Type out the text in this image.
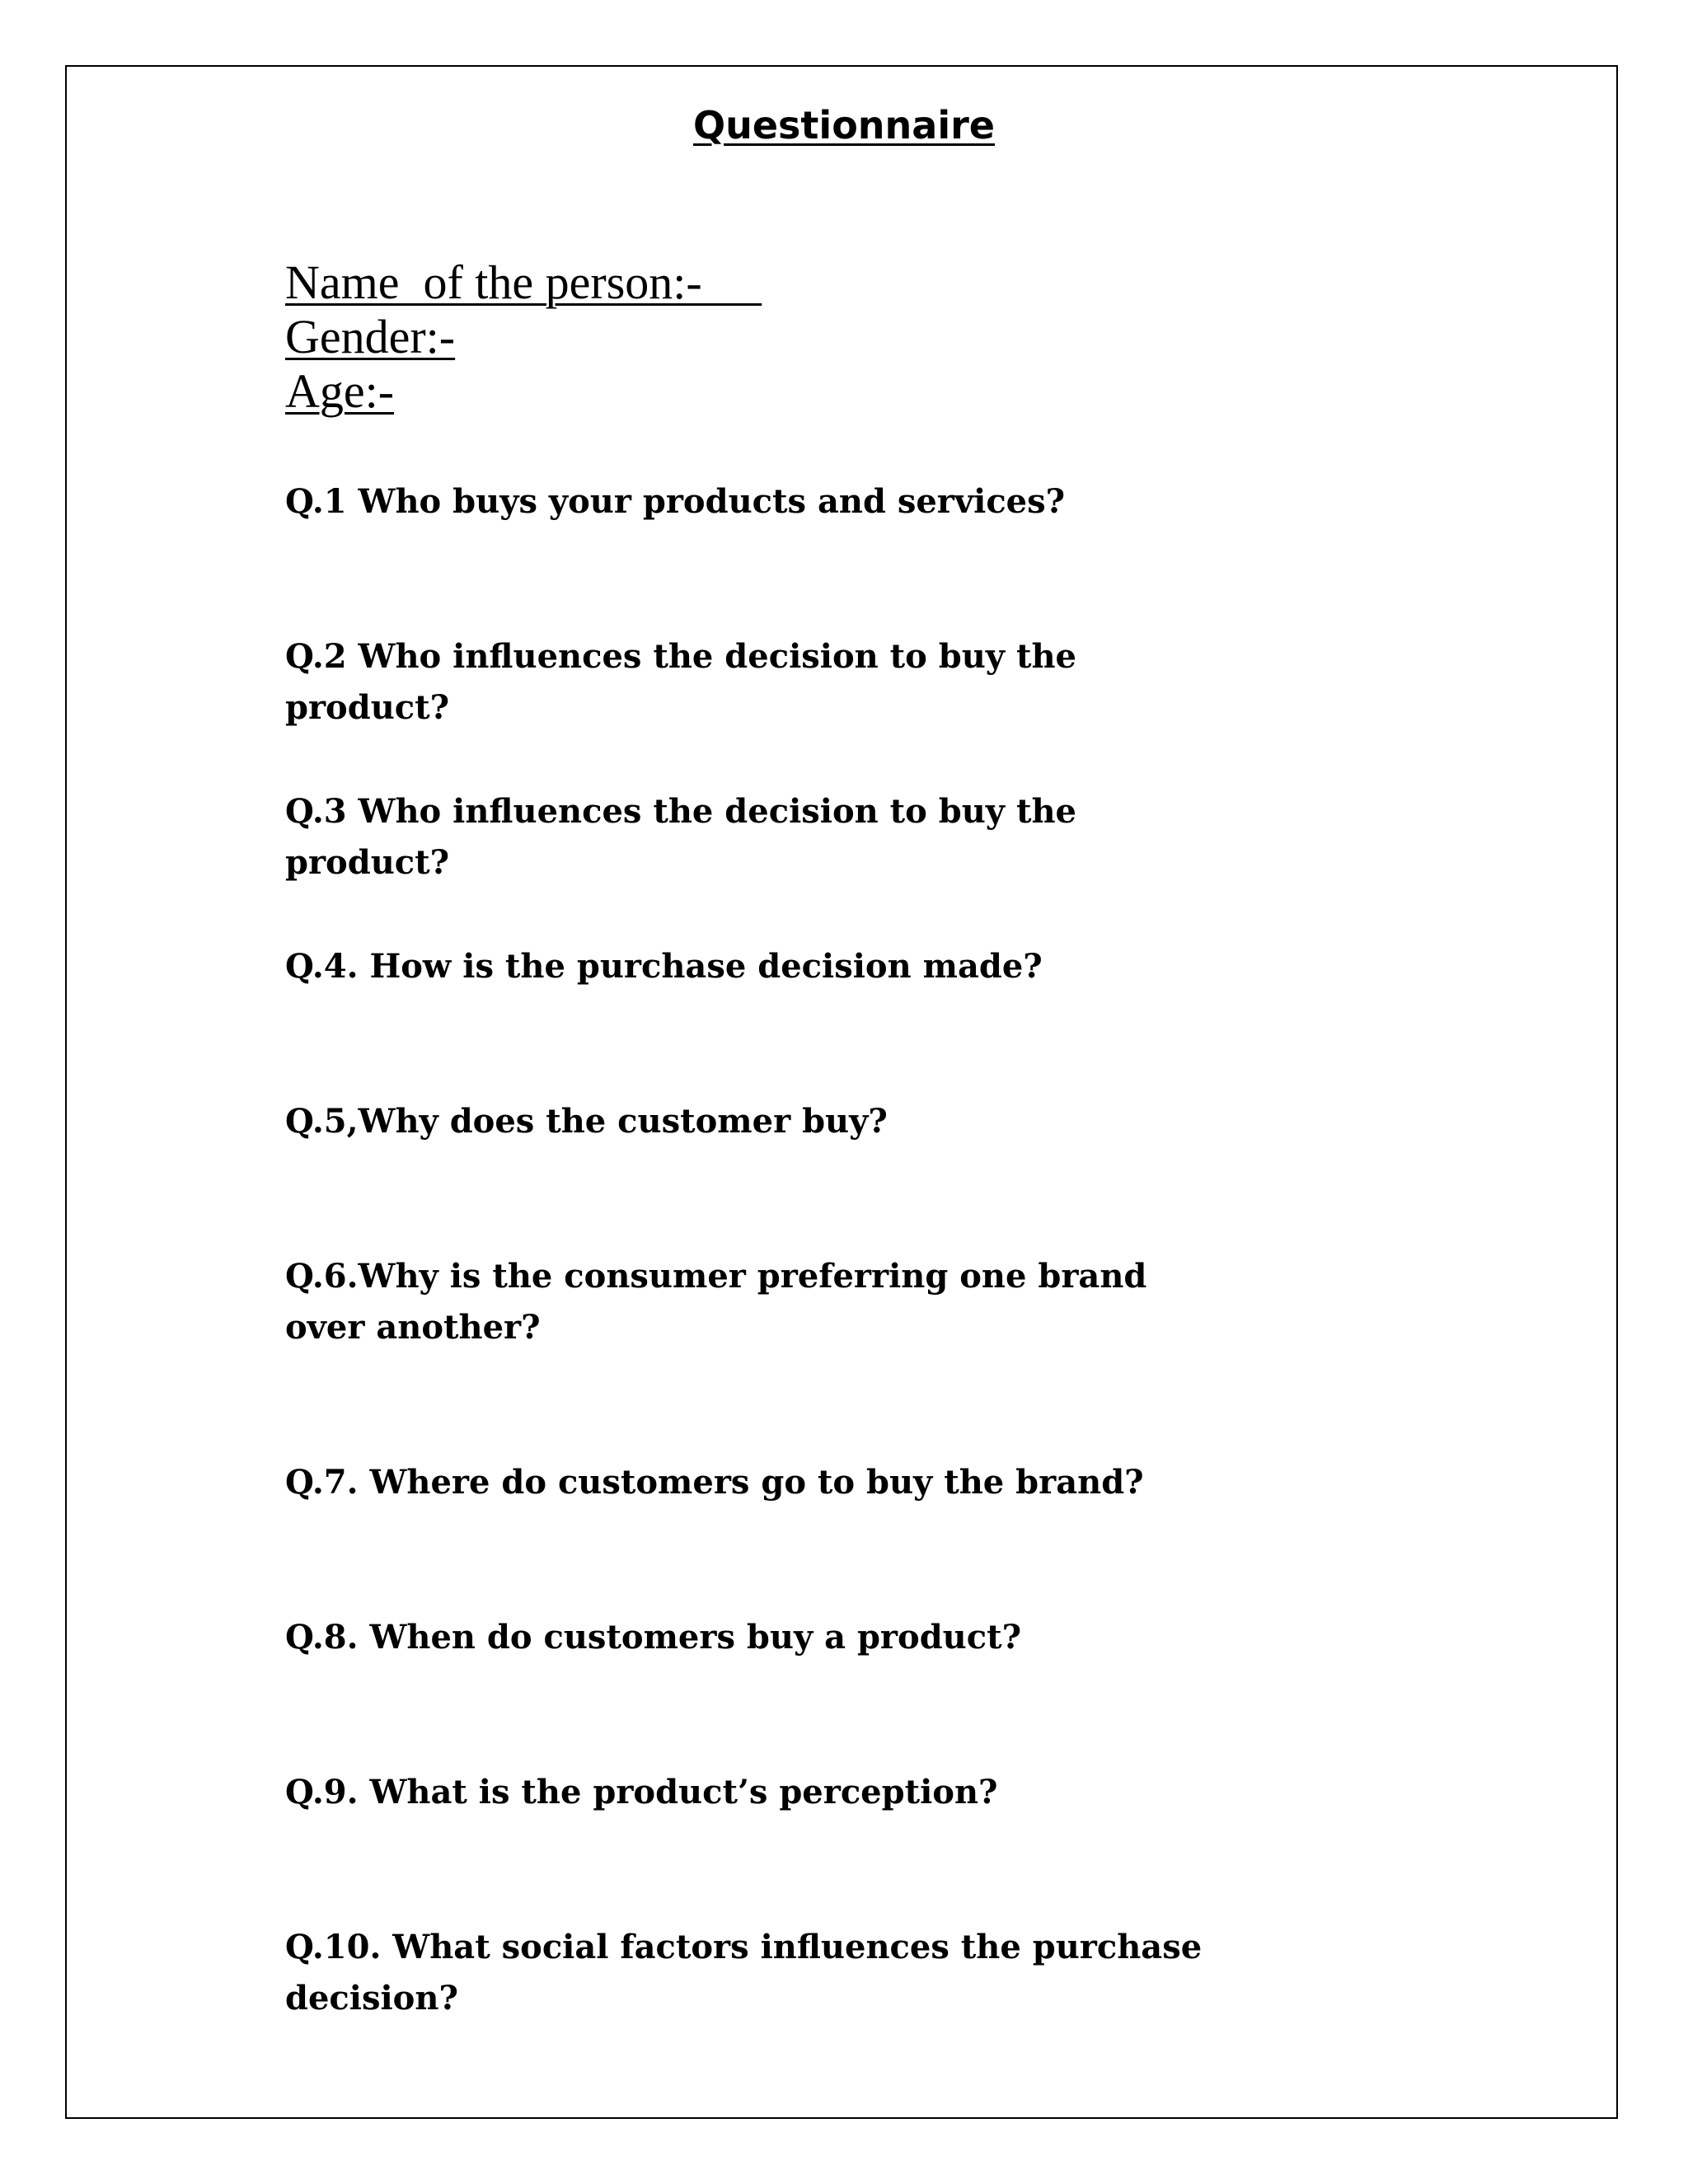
Questionnaire
Name  of the person:-
Gender:-
Age:-
Q.1 Who buys your products and services?
Q.2 Who influences the decision to buy the product?
Q.3 Who influences the decision to buy the product?
Q.4. How is the purchase decision made?
Q.5,Why does the customer buy?
Q.6.Why is the consumer preferring one brand over another?
Q.7. Where do customers go to buy the brand?
Q.8. When do customers buy a product?
Q.9. What is the product’s perception?
Q.10. What social factors influences the purchase decision?
